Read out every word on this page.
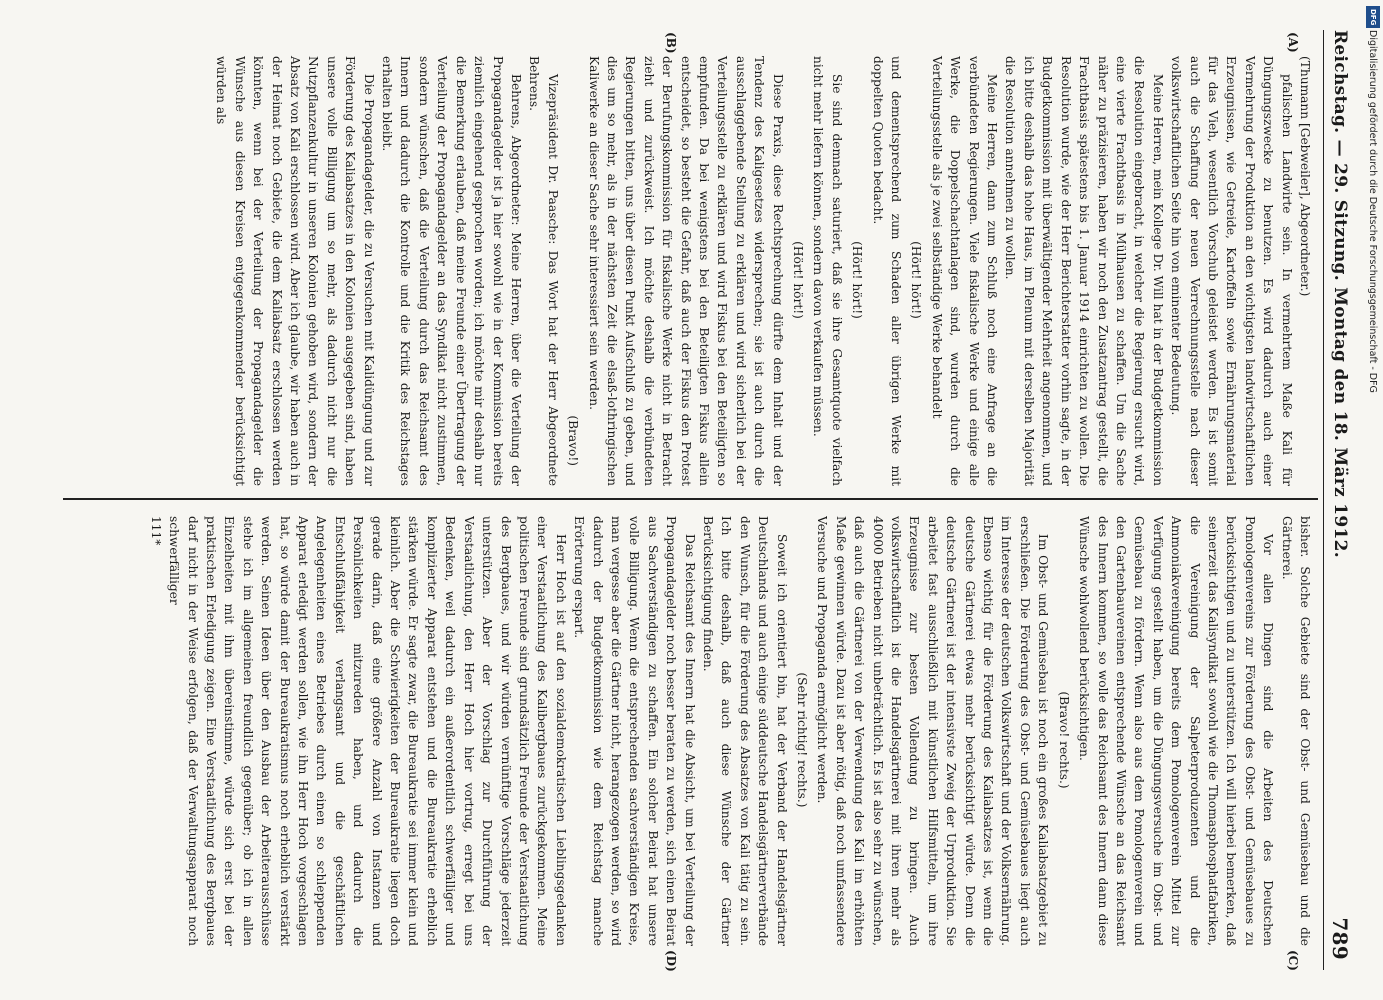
Reichstag. — 29. Sitzung. Montag den 18. März 1912.
789
(A)
(B)
(C)
(D)

(Thumann [Gebweiler], Abgeordneter.)

pfalischen Landwirte sein. In vermehrtem Maße Kali für Düngungszwecke zu benutzen. Es wird dadurch auch einer Vermehrung der Produktion an den wichtigsten landwirtschaftlichen Erzeugnissen, wie Getreide, Kartoffeln sowie Ernährungsmaterial für das Vieh, wesentlich Vorschub geleistet werden. Es ist somit auch die Schaffung der neuen Verrechnungsstelle nach dieser volkswirtschaftlichen Seite hin von eminenter Bedeutung.

Meine Herren, mein Kollege Dr. Will hat in der Budgetkommission die Resolution eingebracht, in welcher die Regierung ersucht wird, eine vierte Frachtbasis in Mülhausen zu schaffen. Um die Sache näher zu präzisieren, haben wir noch den Zusatzantrag gestellt, die Frachtbasis spätestens bis 1. Januar 1914 einrichten zu wollen. Die Resolution wurde, wie der Herr Berichterstatter vorhin sagte, in der Budgetkommission mit überwältigender Mehrheit angenommen, und ich bitte deshalb das hohe Haus, im Plenum mit derselben Majorität die Resolution annehmen zu wollen.

Meine Herren, dann zum Schluß noch eine Anfrage an die verbündeten Regierungen. Viele fiskalische Werke und einige alle Werke, die Doppelschachtanlagen sind, wurden durch die Verteilungsstelle als je zwei selbständige Werke behandelt

(Hört! hört!)

und dementsprechend zum Schaden aller übrigen Werke mit doppelten Quoten bedacht.

(Hört! hört!)

Sie sind demnach saturiert, daß sie ihre Gesamtquote vielfach nicht mehr liefern können, sondern davon verkaufen müssen.

(Hört! hört!)

Diese Praxis, diese Rechtsprechung dürfte dem Inhalt und der Tendenz des Kaligesetzes widersprechen; sie ist auch durch die ausschlaggebende Stellung zu erklären und wird sicherlich bei der Verteilungsstelle zu erklären und wird Fiskus bei den Beteiligten so empfunden. Da bei wenigstens bei den Beteiligten Fiskus allein entscheidet, so besteht die Gefahr, daß auch der Fiskus den Protest der Berufungskommission für fiskalische Werke nicht in Betracht zieht und zurückweist. Ich möchte deshalb die verbündeten Regierungen bitten, uns über diesen Punkt Aufschluß zu geben, und dies um so mehr, als in der nächsten Zeit die elsaß-lothringischen Kaliwerke an dieser Sache sehr interessiert sein werden.

(Bravo!)

Vizepräsident Dr. Paasche: Das Wort hat der Herr Abgeordnete Behrens.

Behrens, Abgeordneter: Meine Herren, über die Verteilung der Propagandagelder ist ja hier sowohl wie in der Kommission bereits ziemlich eingehend gesprochen worden; ich möchte mir deshalb nur die Bemerkung erlauben, daß meine Freunde einer Übertragung der Verteilung der Propagandagelder an das Syndikat nicht zustimmen, sondern wünschen, daß die Verteilung durch das Reichsamt des Innern und dadurch die Kontrolle und die Kritik des Reichstages erhalten bleibt.

Die Propagandagelder, die zu Versuchen mit Kalidüngung und zur Förderung des Kaliabsatzes in den Kolonien ausgegeben sind, haben unsere volle Billigung um so mehr, als dadurch nicht nur die Nutzpflanzenkultur in unseren Kolonien gehoben wird, sondern der Absatz von Kali erschlossen wird. Aber ich glaube, wir haben auch in der Heimat noch Gebiete, die dem Kaliabsatz erschlossen werden könnten, wenn bei der Verteilung der Propagandagelder die Wünsche aus diesen Kreisen entgegenkommender berücksichtigt würden als

bisher. Solche Gebiete sind der Obst- und Gemüsebau und die Gärtnerei.

Vor allen Dingen sind die Arbeiten des Deutschen Pomologenvereins zur Förderung des Obst- und Gemüsebaues zu berücksichtigen und zu unterstützen. Ich will hierbei bemerken, daß seinerzeit das Kalisyndikat sowohl wie die Thomasphosphatfabriken, die Vereinigung der Salpeterproduzenten und die Ammoniakvereinigung bereits dem Pomologenverein Mittel zur Verfügung gestellt haben, um die Düngungsversuche im Obst- und Gemüsebau zu fördern. Wenn also aus dem Pomologenverein und den Gartenbauvereinen entsprechende Wünsche an das Reichsamt des Innern kommen, so wolle das Reichsamt des Innern dann diese Wünsche wohlwollend berücksichtigen.

(Bravo! rechts.)

Im Obst- und Gemüsebau ist noch ein großes Kaliabsatzgebiet zu erschließen. Die Förderung des Obst- und Gemüsebaues liegt auch im Interesse der deutschen Volkswirtschaft und der Volksernährung. Ebenso wichtig für die Förderung des Kaliabsatzes ist, wenn die deutsche Gärtnerei etwas mehr berücksichtigt würde. Denn die deutsche Gärtnerei ist der intensivste Zweig der Urproduktion. Sie arbeitet fast ausschließlich mit künstlichen Hilfsmitteln, um ihre Erzeugnisse zur besten Vollendung zu bringen. Auch volkswirtschaftlich ist die Handelsgärtnerei mit ihren mehr als 40000 Betrieben nicht unbeträchtlich. Es ist also sehr zu wünschen, daß auch die Gärtnerei von der Verwendung des Kali im erhöhten Maße gewinnen würde. Dazu ist aber nötig, daß noch umfassendere Versuche und Propaganda ermöglicht werden.

(Sehr richtig! rechts.)

Soweit ich orientiert bin, hat der Verband der Handelsgärtner Deutschlands und auch einige süddeutsche Handelsgärtnerverbände den Wunsch, für die Förderung des Absatzes von Kali tätig zu sein. Ich bitte deshalb, daß auch diese Wünsche der Gärtner Berücksichtigung finden.

Das Reichsamt des Innern hat die Absicht, um bei Verteilung der Propagandagelder noch besser beraten zu werden, sich einen Beirat aus Sachverständigen zu schaffen. Ein solcher Beirat hat unsere volle Billigung. Wenn die entsprechenden sachverständigen Kreise, man vergesse aber die Gärtner nicht, herangezogen werden, so wird dadurch der Budgetkommission wie dem Reichstag manche Erörterung erspart.

Herr Hoch ist auf den sozialdemokratischen Lieblingsgedanken einer Verstaatlichung des Kalibergbaues zurückgekommen. Meine politischen Freunde sind grundsätzlich Freunde der Verstaatlichung des Bergbaues, und wir würden vernünftige Vorschläge jederzeit unterstützen. Aber der Vorschlag zur Durchführung der Verstaatlichung, den Herr Hoch hier vortrug, erregt bei uns Bedenken, weil dadurch ein außerordentlich schwerfälliger und komplizierter Apparat entstehen und die Bureaukratie erheblich stärken würde. Er sagte zwar, die Bureaukratie sei immer klein und kleinlich. Aber die Schwierigkeiten der Bureaukratie liegen doch gerade darin, daß eine größere Anzahl von Instanzen und Persönlichkeiten mitzureden haben, und dadurch die Entschlußfähigkeit verlangsamt und die geschäftlichen Angelegenheiten eines Betriebes durch einen so schleppenden Apparat erledigt werden sollen, wie ihn Herr Hoch vorgeschlagen hat, so würde damit der Bureaukratismus noch erheblich verstärkt werden. Seinen Ideen über den Ausbau der Arbeiterausschüsse stehe ich im allgemeinen freundlich gegenüber; ob ich in allen Einzelheiten mit ihm übereinstimme, würde sich erst bei der praktischen Erledigung zeigen. Eine Verstaatlichung des Bergbaues darf nicht in der Weise erfolgen, daß der Verwaltungsapparat noch schwerfälliger

111*

DFG
Digitalisierung gefördert durch die Deutsche Forschungsgemeinschaft - DFG
